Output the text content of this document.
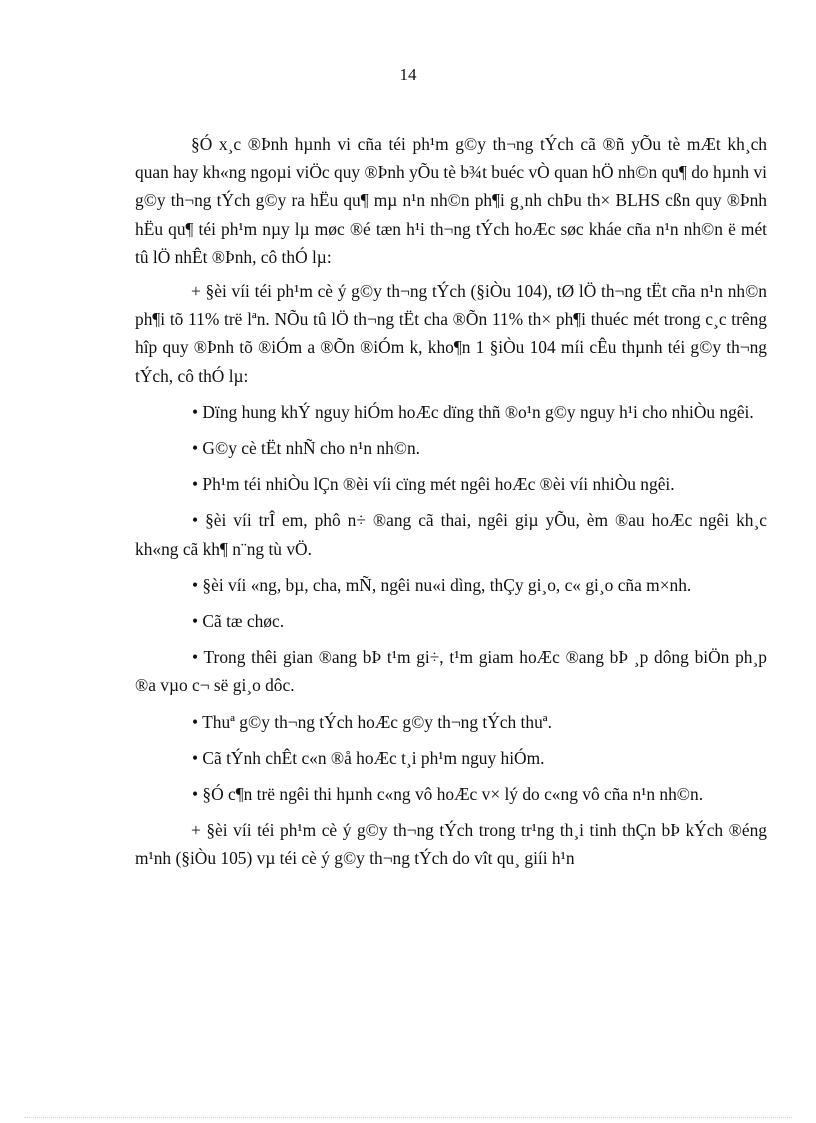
14

§Ó x¸c ®Þnh hµnh vi cña téi ph¹m g©y th¬ng tÝch cã ®ñ yÕu tè mÆt kh¸ch quan hay kh«ng ngoµi viÖc quy ®Þnh yÕu tè b¾t buéc vÒ quan hÖ nh©n qu¶ do hµnh vi g©y th¬ng tÝch g©y ra hËu qu¶ mµ n¹n nh©n ph¶i g¸nh chÞu th× BLHS cßn quy ®Þnh hËu qu¶ téi ph¹m nµy lµ møc ®é tæn h¹i th¬ng tÝch hoÆc søc kháe cña n¹n nh©n ë mét tû lÖ nhÊt ®Þnh, cô thÓ lµ:

+ §èi víi téi ph¹m cè ý g©y th¬ng tÝch (§iÒu 104), tØ lÖ th¬ng tËt cña n¹n nh©n ph¶i tõ 11% trë lªn. NÕu tû lÖ th¬ng tËt cha ®Õn 11% th× ph¶i thuéc mét trong c¸c trêng hîp quy ®Þnh tõ ®iÓm a ®Õn ®iÓm k, kho¶n 1 §iÒu 104 míi cÊu thµnh téi g©y th¬ng tÝch, cô thÓ lµ:

• Dïng hung khÝ nguy hiÓm hoÆc dïng thñ ®o¹n g©y nguy h¹i cho nhiÒu ngêi.

• G©y cè tËt nhÑ cho n¹n nh©n.

• Ph¹m téi nhiÒu lÇn ®èi víi cïng mét ngêi hoÆc ®èi víi nhiÒu ngêi.

• §èi víi trÎ em, phô n÷ ®ang cã thai, ngêi giµ yÕu, èm ®au hoÆc ngêi kh¸c kh«ng cã kh¶ n¨ng tù vÖ.

• §èi víi «ng, bµ, cha, mÑ, ngêi nu«i dìng, thÇy gi¸o, c« gi¸o cña m×nh.

• Cã tæ chøc.

• Trong thêi gian ®ang bÞ t¹m gi÷, t¹m giam hoÆc ®ang bÞ ¸p dông biÖn ph¸p ®a vµo c¬ së gi¸o dôc.

• Thuª g©y th¬ng tÝch hoÆc g©y th¬ng tÝch thuª.

• Cã tÝnh chÊt c«n ®å hoÆc t¸i ph¹m nguy hiÓm.

• §Ó c¶n trë ngêi thi hµnh c«ng vô hoÆc v× lý do c«ng vô cña n¹n nh©n.

+ §èi víi téi ph¹m cè ý g©y th¬ng tÝch trong tr¹ng th¸i tinh thÇn bÞ kÝch ®éng m¹nh (§iÒu 105) vµ téi cè ý g©y th¬ng tÝch do vît qu¸ giíi h¹n
